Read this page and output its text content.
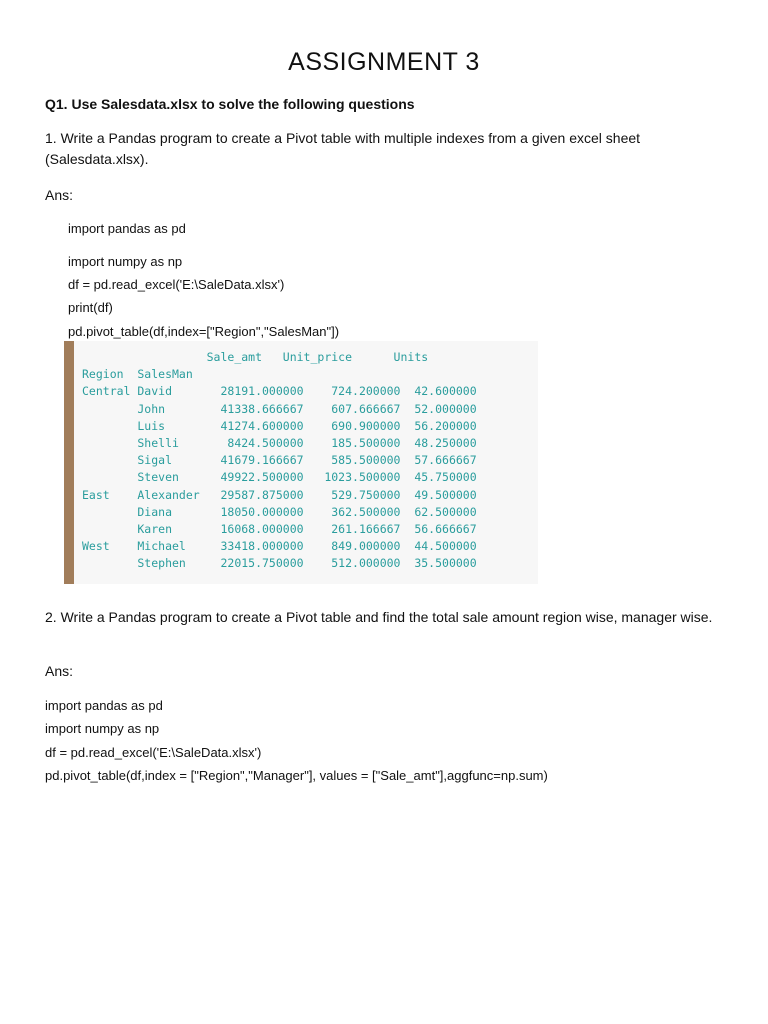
ASSIGNMENT 3
Q1. Use Salesdata.xlsx to solve the following questions
1. Write a Pandas program to create a Pivot table with multiple indexes from a given excel sheet (Salesdata.xlsx).
Ans:
import pandas as pd
import numpy as np
df = pd.read_excel('E:\SaleData.xlsx')
print(df)
pd.pivot_table(df,index=["Region","SalesMan"])
Sale_amt   Unit_price      Units
Region  SalesMan
Central David       28191.000000    724.200000  42.600000
John        41338.666667    607.666667  52.000000
Luis        41274.600000    690.900000  56.200000
Shelli       8424.500000    185.500000  48.250000
Sigal       41679.166667    585.500000  57.666667
Steven      49922.500000   1023.500000  45.750000
East    Alexander   29587.875000    529.750000  49.500000
Diana       18050.000000    362.500000  62.500000
Karen       16068.000000    261.166667  56.666667
West    Michael     33418.000000    849.000000  44.500000
Stephen     22015.750000    512.000000  35.500000
2. Write a Pandas program to create a Pivot table and find the total sale amount region wise, manager wise.
Ans:
import pandas as pd
import numpy as np
df = pd.read_excel('E:\SaleData.xlsx')
pd.pivot_table(df,index = ["Region","Manager"], values = ["Sale_amt"],aggfunc=np.sum)
